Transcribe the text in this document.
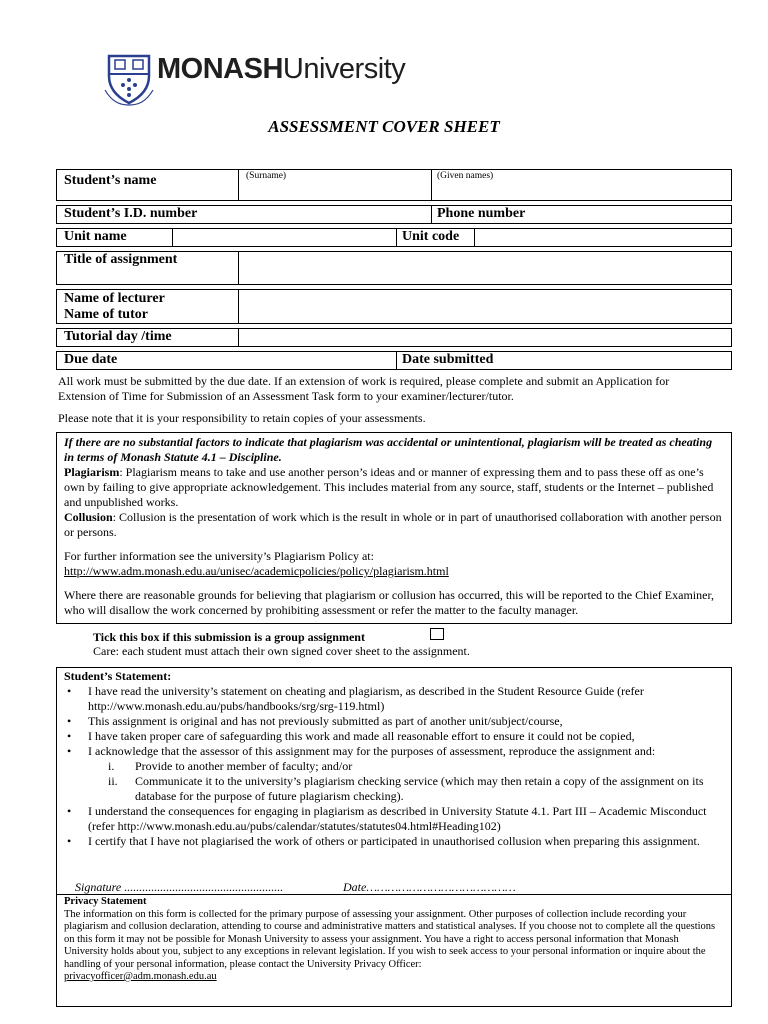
MONASHUniversity
ASSESSMENT COVER SHEET
Student’s name	(Surname)	(Given names)
Student’s I.D. number	Phone number
Unit name	Unit code
Title of assignment
Name of lecturer
Name of tutor
Tutorial day /time
Due date	Date submitted
All work must be submitted by the due date. If an extension of work is required, please complete and submit an Application for Extension of Time for Submission of an Assessment Task form to your examiner/lecturer/tutor.
Please note that it is your responsibility to retain copies of your assessments.

If there are no substantial factors to indicate that plagiarism was accidental or unintentional, plagiarism will be treated as cheating in terms of Monash Statute 4.1 – Discipline.

Plagiarism: Plagiarism means to take and use another person’s ideas and or manner of expressing them and to pass these off as one’s own by failing to give appropriate acknowledgement. This includes material from any source, staff, students or the Internet – published and unpublished works.

Collusion: Collusion is the presentation of work which is the result in whole or in part of unauthorised collaboration with another person or persons.

For further information see the university’s Plagiarism Policy at:

http://www.adm.monash.edu.au/unisec/academicpolicies/policy/plagiarism.html

Where there are reasonable grounds for believing that plagiarism or collusion has occurred, this will be reported to the Chief Examiner, who will disallow the work concerned by prohibiting assessment or refer the matter to the faculty manager.

Tick this box if this submission is a group assignment
Care: each student must attach their own signed cover sheet to the assignment.

Student’s Statement:

• I have read the university’s statement on cheating and plagiarism, as described in the Student Resource Guide (refer http://www.monash.edu.au/pubs/handbooks/srg/srg-119.html)
• This assignment is original and has not previously submitted as part of another unit/subject/course,
• I have taken proper care of safeguarding this work and made all reasonable effort to ensure it could not be copied,
• I acknowledge that the assessor of this assignment may for the purposes of assessment, reproduce the assignment and:
i. Provide to another member of faculty; and/or
ii. Communicate it to the university’s plagiarism checking service (which may then retain a copy of the assignment on its database for the purpose of future plagiarism checking).
• I understand the consequences for engaging in plagiarism as described in University Statute 4.1. Part III – Academic Misconduct (refer http://www.monash.edu.au/pubs/calendar/statutes/statutes04.html#Heading102)
• I certify that I have not plagiarised the work of others or participated in unauthorised collusion when preparing this assignment.
Signature .....................................................	Date……………………………………
Privacy Statement
The information on this form is collected for the primary purpose of assessing your assignment. Other purposes of collection include recording your plagiarism and collusion declaration, attending to course and administrative matters and statistical analyses. If you choose not to complete all the questions on this form it may not be possible for Monash University to assess your assignment. You have a right to access personal information that Monash University holds about you, subject to any exceptions in relevant legislation. If you wish to seek access to your personal information or inquire about the handling of your personal information, please contact the University Privacy Officer:
privacyofficer@adm.monash.edu.au
